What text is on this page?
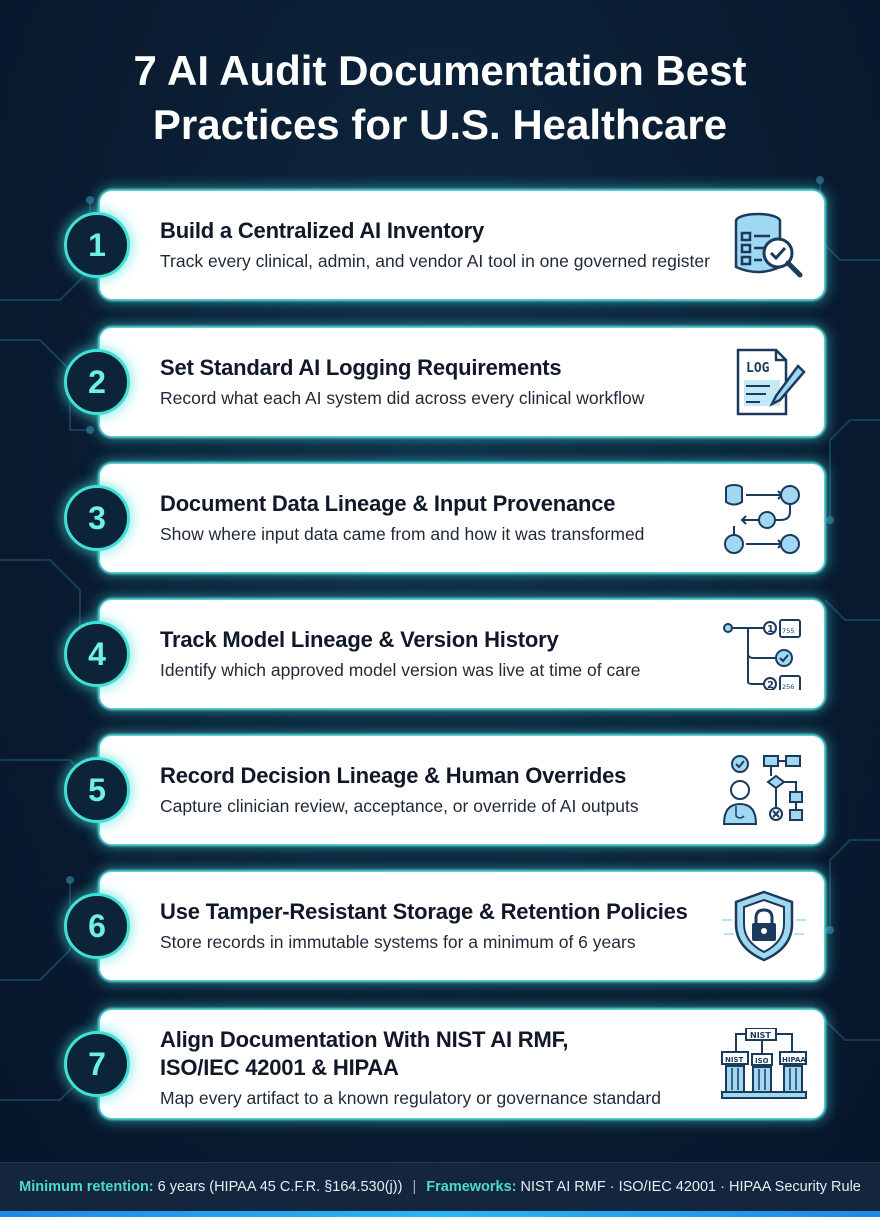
7 AI Audit Documentation Best
Practices for U.S. Healthcare
Build a Centralized AI Inventory
Track every clinical, admin, and vendor AI tool in one governed register
1
Set Standard AI Logging Requirements
Record what each AI system did across every clinical workflow
LOG
2
Document Data Lineage & Input Provenance
Show where input data came from and how it was transformed
3
Track Model Lineage & Version History
Identify which approved model version was live at time of care
1
2
755
256
4
Record Decision Lineage & Human Overrides
Capture clinician review, acceptance, or override of AI outputs
5
Use Tamper-Resistant Storage & Retention Policies
Store records in immutable systems for a minimum of 6 years
6
Align Documentation With NIST AI RMF,
ISO/IEC 42001 & HIPAA
Map every artifact to a known regulatory or governance standard
NIST
NIST ISO HIPAA
7
Minimum retention: 6 years (HIPAA 45 C.F.R. §164.530(j)) | Frameworks: NIST AI RMF · ISO/IEC 42001 · HIPAA Security Rule
